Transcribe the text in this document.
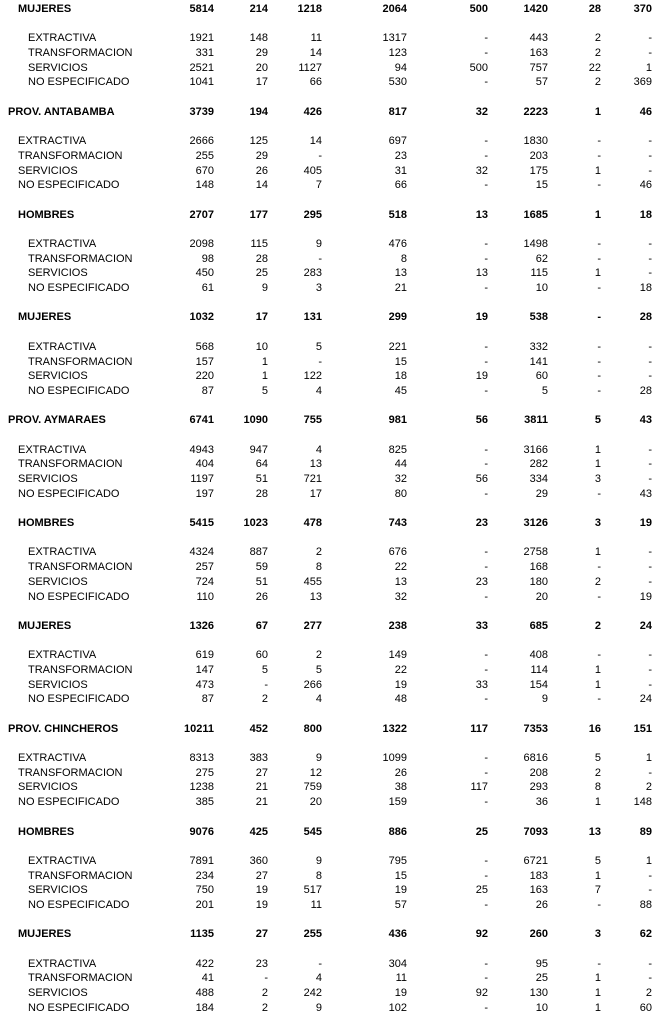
MUJERES	5814	214	1218	2064	500	1420	28	370
EXTRACTIVA	1921	148	11	1317	-	443	2	-
TRANSFORMACION	331	29	14	123	-	163	2	-
SERVICIOS	2521	20	1127	94	500	757	22	1
NO ESPECIFICADO	1041	17	66	530	-	57	2	369
PROV. ANTABAMBA	3739	194	426	817	32	2223	1	46
EXTRACTIVA	2666	125	14	697	-	1830	-	-
TRANSFORMACION	255	29	-	23	-	203	-	-
SERVICIOS	670	26	405	31	32	175	1	-
NO ESPECIFICADO	148	14	7	66	-	15	-	46
HOMBRES	2707	177	295	518	13	1685	1	18
EXTRACTIVA	2098	115	9	476	-	1498	-	-
TRANSFORMACION	98	28	-	8	-	62	-	-
SERVICIOS	450	25	283	13	13	115	1	-
NO ESPECIFICADO	61	9	3	21	-	10	-	18
MUJERES	1032	17	131	299	19	538	-	28
EXTRACTIVA	568	10	5	221	-	332	-	-
TRANSFORMACION	157	1	-	15	-	141	-	-
SERVICIOS	220	1	122	18	19	60	-	-
NO ESPECIFICADO	87	5	4	45	-	5	-	28
PROV. AYMARAES	6741	1090	755	981	56	3811	5	43
EXTRACTIVA	4943	947	4	825	-	3166	1	-
TRANSFORMACION	404	64	13	44	-	282	1	-
SERVICIOS	1197	51	721	32	56	334	3	-
NO ESPECIFICADO	197	28	17	80	-	29	-	43
HOMBRES	5415	1023	478	743	23	3126	3	19
EXTRACTIVA	4324	887	2	676	-	2758	1	-
TRANSFORMACION	257	59	8	22	-	168	-	-
SERVICIOS	724	51	455	13	23	180	2	-
NO ESPECIFICADO	110	26	13	32	-	20	-	19
MUJERES	1326	67	277	238	33	685	2	24
EXTRACTIVA	619	60	2	149	-	408	-	-
TRANSFORMACION	147	5	5	22	-	114	1	-
SERVICIOS	473	-	266	19	33	154	1	-
NO ESPECIFICADO	87	2	4	48	-	9	-	24
PROV. CHINCHEROS	10211	452	800	1322	117	7353	16	151
EXTRACTIVA	8313	383	9	1099	-	6816	5	1
TRANSFORMACION	275	27	12	26	-	208	2	-
SERVICIOS	1238	21	759	38	117	293	8	2
NO ESPECIFICADO	385	21	20	159	-	36	1	148
HOMBRES	9076	425	545	886	25	7093	13	89
EXTRACTIVA	7891	360	9	795	-	6721	5	1
TRANSFORMACION	234	27	8	15	-	183	1	-
SERVICIOS	750	19	517	19	25	163	7	-
NO ESPECIFICADO	201	19	11	57	-	26	-	88
MUJERES	1135	27	255	436	92	260	3	62
EXTRACTIVA	422	23	-	304	-	95	-	-
TRANSFORMACION	41	-	4	11	-	25	1	-
SERVICIOS	488	2	242	19	92	130	1	2
NO ESPECIFICADO	184	2	9	102	-	10	1	60
